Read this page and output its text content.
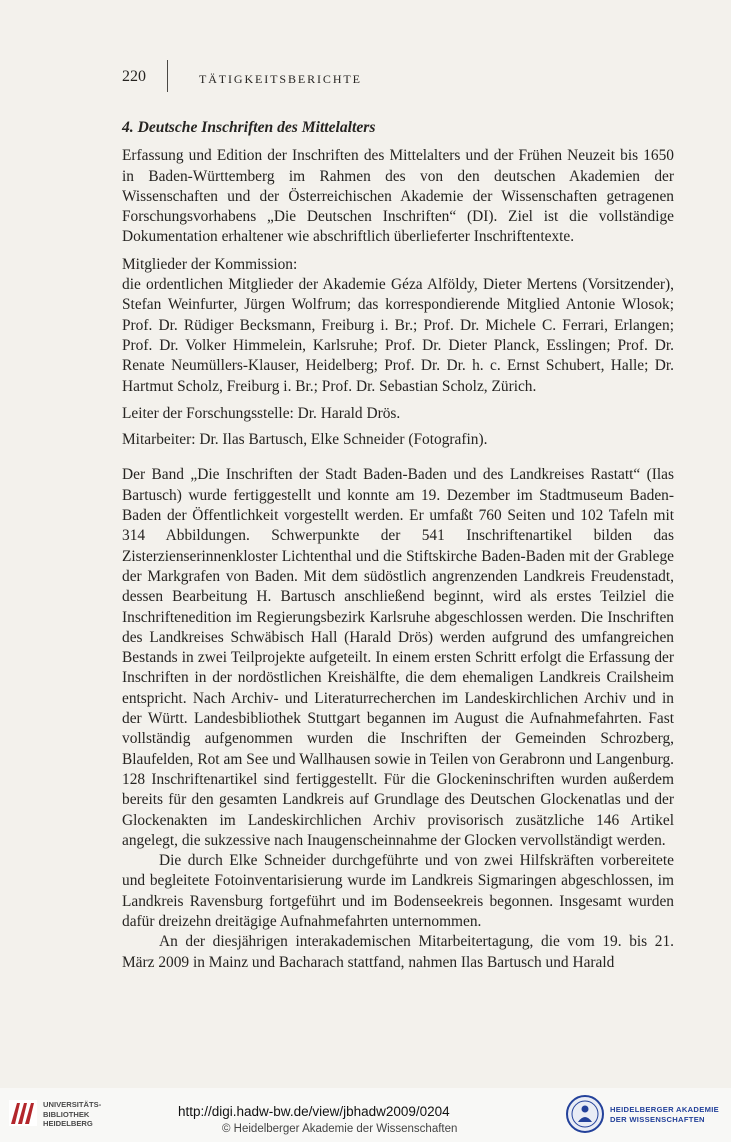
220	TÄTIGKEITSBERICHTE

4. Deutsche Inschriften des Mittelalters

Erfassung und Edition der Inschriften des Mittelalters und der Frühen Neuzeit bis 1650 in Baden-Württemberg im Rahmen des von den deutschen Akademien der Wissenschaften und der Österreichischen Akademie der Wissenschaften getragenen Forschungsvorhabens „Die Deutschen Inschriften“ (DI). Ziel ist die vollständige Dokumentation erhaltener wie abschriftlich überlieferter Inschriftentexte.

Mitglieder der Kommission:

die ordentlichen Mitglieder der Akademie Géza Alföldy, Dieter Mertens (Vorsitzender), Stefan Weinfurter, Jürgen Wolfrum; das korrespondierende Mitglied Antonie Wlosok; Prof. Dr. Rüdiger Becksmann, Freiburg i. Br.; Prof. Dr. Michele C. Ferrari, Erlangen; Prof. Dr. Volker Himmelein, Karlsruhe; Prof. Dr. Dieter Planck, Esslingen; Prof. Dr. Renate Neumüllers-Klauser, Heidelberg; Prof. Dr. Dr. h. c. Ernst Schubert, Halle; Dr. Hartmut Scholz, Freiburg i. Br.; Prof. Dr. Sebastian Scholz, Zürich.

Leiter der Forschungsstelle: Dr. Harald Drös.

Mitarbeiter: Dr. Ilas Bartusch, Elke Schneider (Fotografin).

Der Band „Die Inschriften der Stadt Baden-Baden und des Landkreises Rastatt“ (Ilas Bartusch) wurde fertiggestellt und konnte am 19. Dezember im Stadtmuseum Baden-Baden der Öffentlichkeit vorgestellt werden. Er umfaßt 760 Seiten und 102 Tafeln mit 314 Abbildungen. Schwerpunkte der 541 Inschriftenartikel bilden das Zisterzienserinnenkloster Lichtenthal und die Stiftskirche Baden-Baden mit der Grablege der Markgrafen von Baden. Mit dem südöstlich angrenzenden Landkreis Freudenstadt, dessen Bearbeitung H. Bartusch anschließend beginnt, wird als erstes Teilziel die Inschriftenedition im Regierungsbezirk Karlsruhe abgeschlossen werden. Die Inschriften des Landkreises Schwäbisch Hall (Harald Drös) werden aufgrund des umfangreichen Bestands in zwei Teilprojekte aufgeteilt. In einem ersten Schritt erfolgt die Erfassung der Inschriften in der nordöstlichen Kreishälfte, die dem ehemaligen Landkreis Crailsheim entspricht. Nach Archiv- und Literaturrecherchen im Landeskirchlichen Archiv und in der Württ. Landesbibliothek Stuttgart begannen im August die Aufnahmefahrten. Fast vollständig aufgenommen wurden die Inschriften der Gemeinden Schrozberg, Blaufelden, Rot am See und Wallhausen sowie in Teilen von Gerabronn und Langenburg. 128 Inschriftenartikel sind fertiggestellt. Für die Glockeninschriften wurden außerdem bereits für den gesamten Landkreis auf Grundlage des Deutschen Glockenatlas und der Glockenakten im Landeskirchlichen Archiv provisorisch zusätzliche 146 Artikel angelegt, die sukzessive nach Inaugenscheinnahme der Glocken vervollständigt werden.

Die durch Elke Schneider durchgeführte und von zwei Hilfskräften vorbereitete und begleitete Fotoinventarisierung wurde im Landkreis Sigmaringen abgeschlossen, im Landkreis Ravensburg fortgeführt und im Bodenseekreis begonnen. Insgesamt wurden dafür dreizehn dreitägige Aufnahmefahrten unternommen.

An der diesjährigen interakademischen Mitarbeitertagung, die vom 19. bis 21. März 2009 in Mainz und Bacharach stattfand, nahmen Ilas Bartusch und Harald

UNIVERSITÄTS-
BIBLIOTHEK
HEIDELBERG
http://digi.hadw-bw.de/view/jbhadw2009/0204
© Heidelberger Akademie der Wissenschaften
HEIDELBERGER AKADEMIE
DER WISSENSCHAFTEN
